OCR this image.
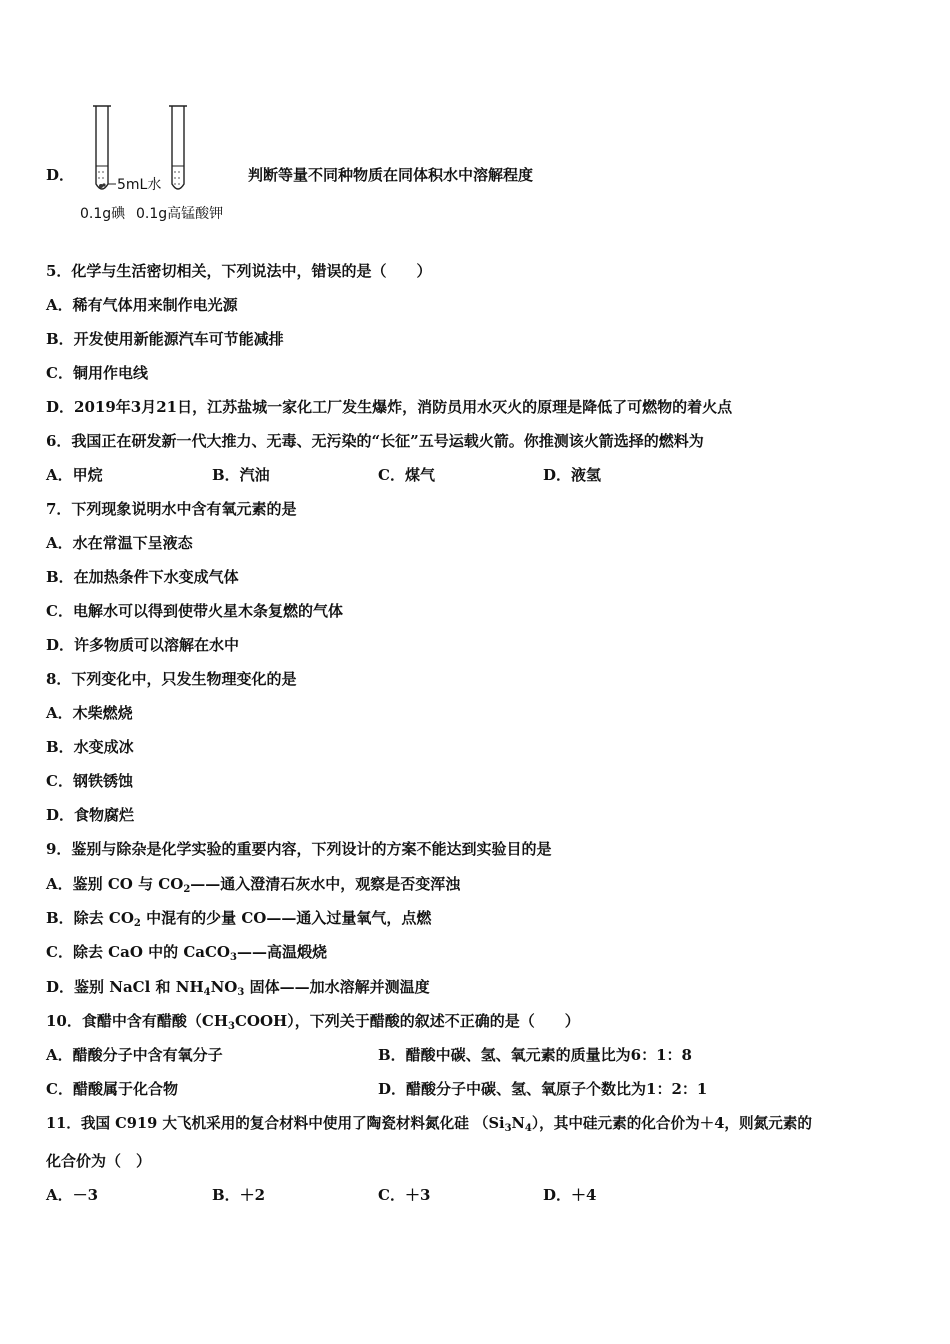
D．
5mL水
0.1g碘 0.1g高锰酸钾
判断等量不同种物质在同体积水中溶解程度
5．化学与生活密切相关，下列说法中，错误的是（　　）
A．稀有气体用来制作电光源
B．开发使用新能源汽车可节能减排
C．铜用作电线
D．2019年3月21日，江苏盐城一家化工厂发生爆炸，消防员用水灭火的原理是降低了可燃物的着火点
6．我国正在研发新一代大推力、无毒、无污染的“长征”五号运载火箭。你推测该火箭选择的燃料为
A．甲烷	B．汽油	C．煤气	D．液氢
7．下列现象说明水中含有氧元素的是
A．水在常温下呈液态
B．在加热条件下水变成气体
C．电解水可以得到使带火星木条复燃的气体
D．许多物质可以溶解在水中
8．下列变化中，只发生物理变化的是
A．木柴燃烧
B．水变成冰
C．钢铁锈蚀
D．食物腐烂
9．鉴别与除杂是化学实验的重要内容，下列设计的方案不能达到实验目的是
A．鉴别 CO 与 $CO_2——$通入澄清石灰水中，观察是否变浑浊
B．除去 $CO_2$ 中混有的少量 CO——通入过量氧气，点燃
C．除去 CaO 中的 CaCO$_3$——高温煅烧
D．鉴别 NaCl 和 $NH_4NO_3$ 固体——加水溶解并测温度
10．食醋中含有醋酸$(CH_3COOH)$，下列关于醋酸的叙述不正确的是（　　）
A．醋酸分子中含有氧分子	B．醋酸中碳、氢、氧元素的质量比为6：1：8
C．醋酸属于化合物	D．醋酸分子中碳、氢、氧原子个数比为1：2：1
11．我国 C919 大飞机采用的复合材料中使用了陶瓷材料氮化硅 $(Si_3N_4)$，其中硅元素的化合价为＋4，则氮元素的
化合价为（　）
A．－3	B．＋2	C．＋3	D．＋4
